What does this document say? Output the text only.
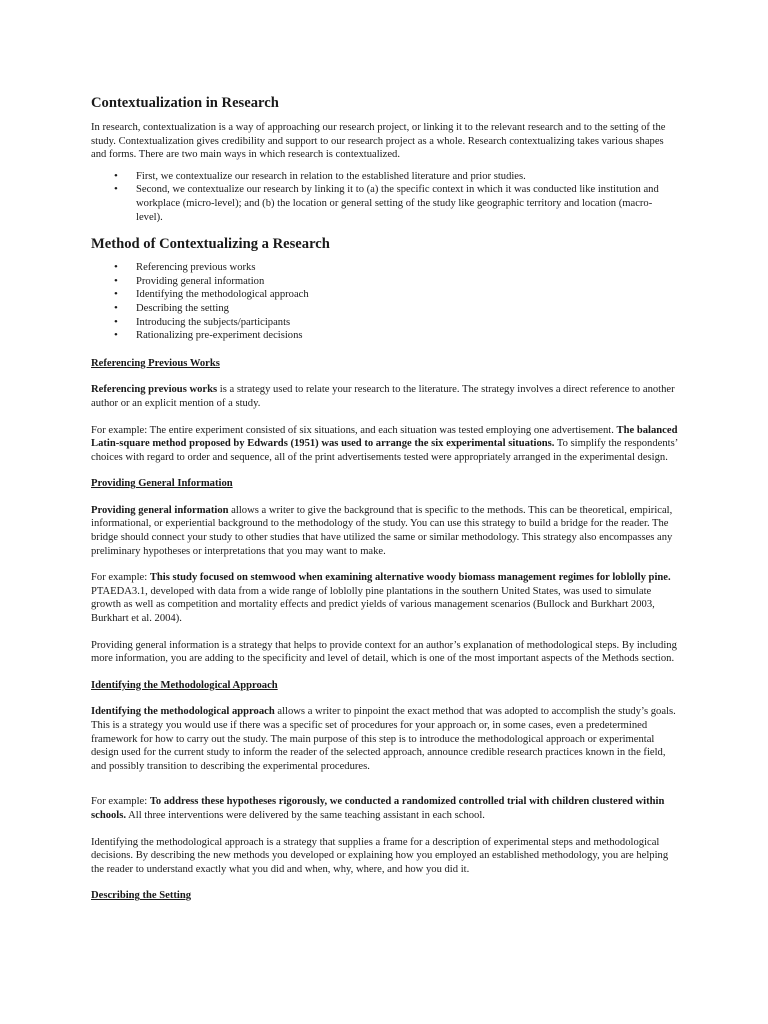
Contextualization in Research

In research, contextualization is a way of approaching our research project, or linking it to the relevant research and to the setting of the study. Contextualization gives credibility and support to our research project as a whole. Research contextualizing takes various shapes and forms. There are two main ways in which research is contextualized.

• First, we contextualize our research in relation to the established literature and prior studies.
• Second, we contextualize our research by linking it to (a) the specific context in which it was conducted like institution and workplace (micro-level); and (b) the location or general setting of the study like geographic territory and location (macro-level).
Method of Contextualizing a Research
• Referencing previous works
• Providing general information
• Identifying the methodological approach
• Describing the setting
• Introducing the subjects/participants
• Rationalizing pre-experiment decisions

Referencing Previous Works

Referencing previous works is a strategy used to relate your research to the literature. The strategy involves a direct reference to another author or an explicit mention of a study.

For example: The entire experiment consisted of six situations, and each situation was tested employing one advertisement. The balanced Latin-square method proposed by Edwards (1951) was used to arrange the six experimental situations. To simplify the respondents’ choices with regard to order and sequence, all of the print advertisements tested were appropriately arranged in the experimental design.

Providing General Information

Providing general information allows a writer to give the background that is specific to the methods. This can be theoretical, empirical, informational, or experiential background to the methodology of the study. You can use this strategy to build a bridge for the reader. The bridge should connect your study to other studies that have utilized the same or similar methodology. This strategy also encompasses any preliminary hypotheses or interpretations that you may want to make.

For example: This study focused on stemwood when examining alternative woody biomass management regimes for loblolly pine. PTAEDA3.1, developed with data from a wide range of loblolly pine plantations in the southern United States, was used to simulate growth as well as competition and mortality effects and predict yields of various management scenarios (Bullock and Burkhart 2003, Burkhart et al. 2004).

Providing general information is a strategy that helps to provide context for an author’s explanation of methodological steps. By including more information, you are adding to the specificity and level of detail, which is one of the most important aspects of the Methods section.

Identifying the Methodological Approach

Identifying the methodological approach allows a writer to pinpoint the exact method that was adopted to accomplish the study’s goals. This is a strategy you would use if there was a specific set of procedures for your approach or, in some cases, even a predetermined framework for how to carry out the study. The main purpose of this step is to introduce the methodological approach or experimental design used for the current study to inform the reader of the selected approach, announce credible research practices known in the field, and possibly transition to describing the experimental procedures.

For example: To address these hypotheses rigorously, we conducted a randomized controlled trial with children clustered within schools. All three interventions were delivered by the same teaching assistant in each school.

Identifying the methodological approach is a strategy that supplies a frame for a description of experimental steps and methodological decisions. By describing the new methods you developed or explaining how you employed an established methodology, you are helping the reader to understand exactly what you did and when, why, where, and how you did it.

Describing the Setting
